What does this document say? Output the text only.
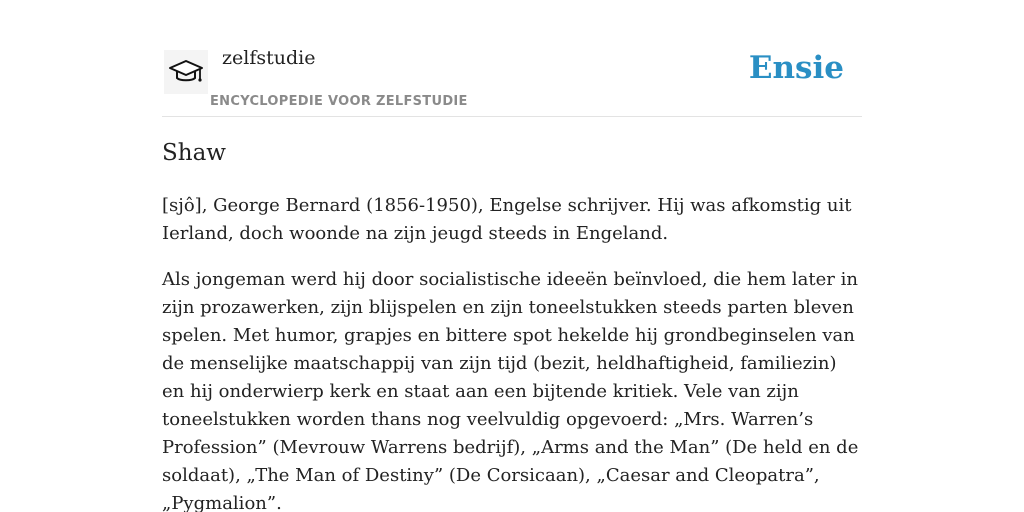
zelfstudie
ENCYCLOPEDIE VOOR ZELFSTUDIE
Ensie
Shaw

[sjô], George Bernard (1856-1950), Engelse schrijver. Hij was afkomstig uit Ierland, doch woonde na zijn jeugd steeds in Engeland.

Als jongeman werd hij door socialistische ideeën beïnvloed, die hem later in zijn prozawerken, zijn blijspelen en zijn toneelstukken steeds parten bleven spelen. Met humor, grapjes en bittere spot hekelde hij grondbeginselen van de menselijke maatschappij van zijn tijd (bezit, heldhaftigheid, familiezin) en hij onderwierp kerk en staat aan een bijtende kritiek. Vele van zijn toneelstukken worden thans nog veelvuldig opgevoerd: „Mrs. Warren’s Profession” (Mevrouw Warrens bedrijf), „Arms and the Man” (De held en de soldaat), „The Man of Destiny” (De Corsicaan), „Caesar and Cleopatra”, „Pygmalion”.
